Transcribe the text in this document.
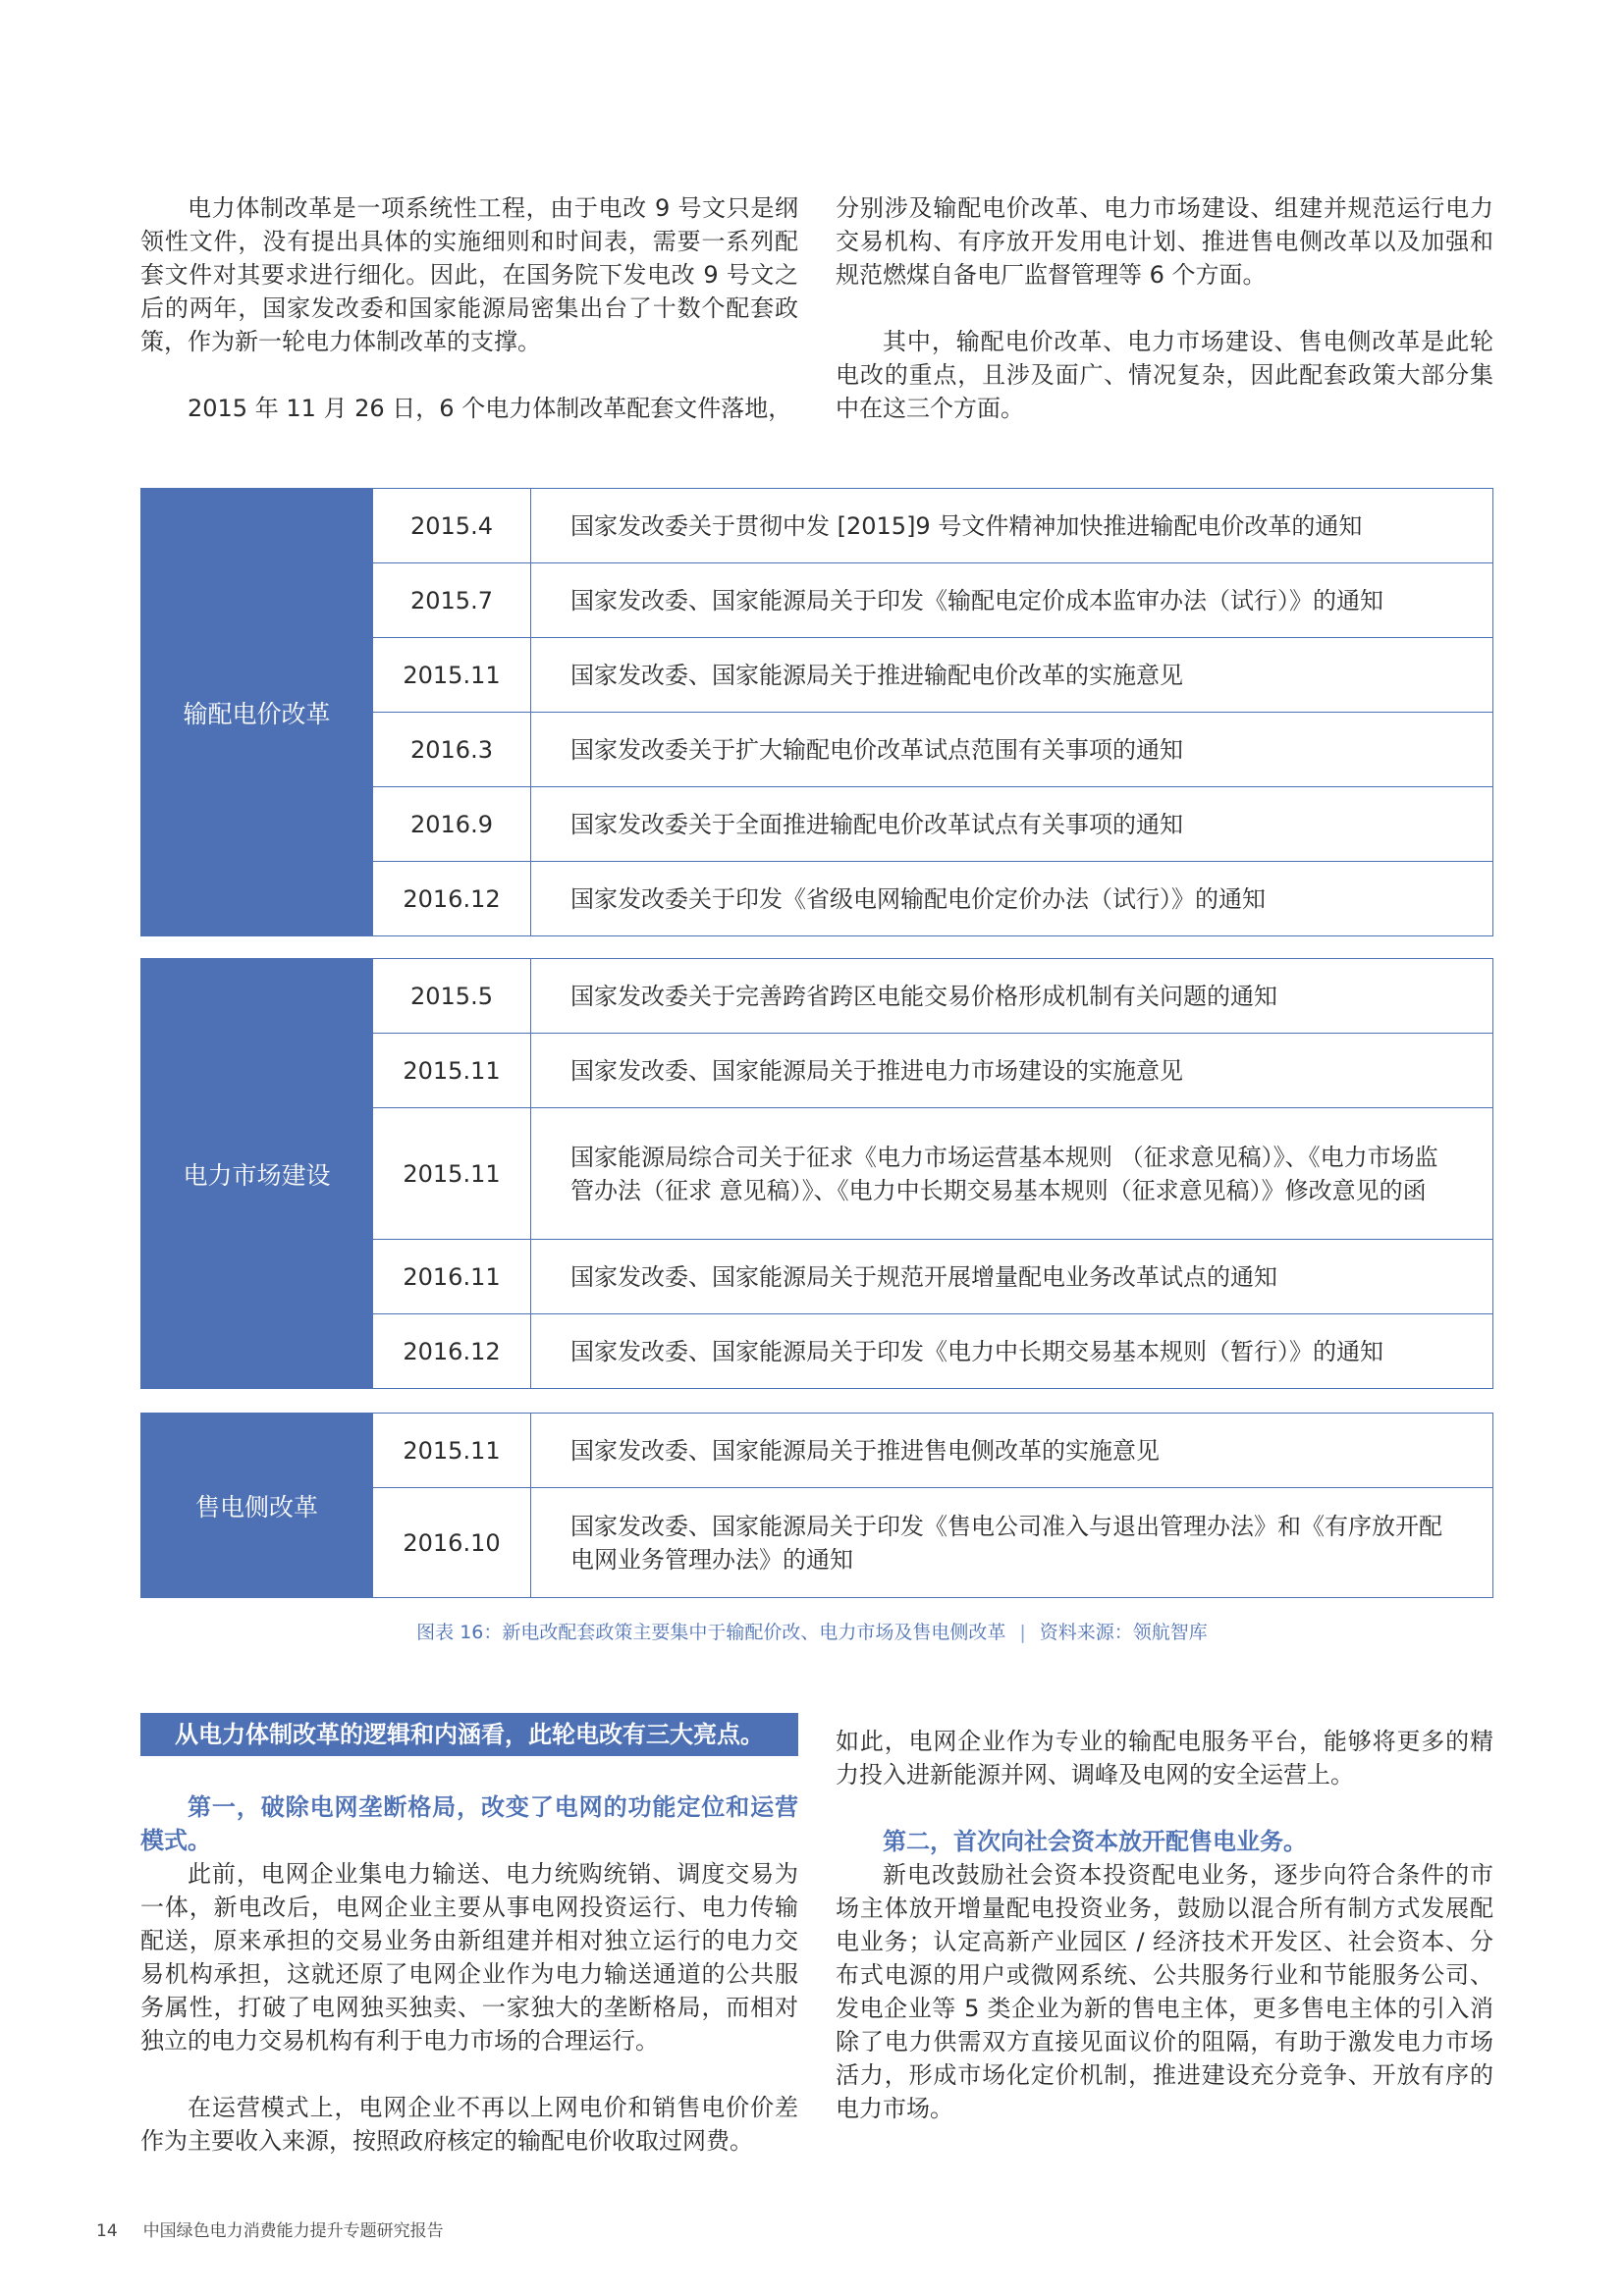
电力体制改革是一项系统性工程，由于电改 9 号文只是纲领性文件，没有提出具体的实施细则和时间表，需要一系列配套文件对其要求进行细化。因此，在国务院下发电改 9 号文之后的两年，国家发改委和国家能源局密集出台了十数个配套政策，作为新一轮电力体制改革的支撑。

2015 年 11 月 26 日，6 个电力体制改革配套文件落地，

分别涉及输配电价改革、电力市场建设、组建并规范运行电力交易机构、有序放开发用电计划、推进售电侧改革以及加强和规范燃煤自备电厂监督管理等 6 个方面。

其中，输配电价改革、电力市场建设、售电侧改革是此轮电改的重点，且涉及面广、情况复杂，因此配套政策大部分集中在这三个方面。

输配电价改革
2015.4	国家发改委关于贯彻中发 [2015]9 号文件精神加快推进输配电价改革的通知
2015.7	国家发改委、国家能源局关于印发《输配电定价成本监审办法（试行）》的通知
2015.11	国家发改委、国家能源局关于推进输配电价改革的实施意见
2016.3	国家发改委关于扩大输配电价改革试点范围有关事项的通知
2016.9	国家发改委关于全面推进输配电价改革试点有关事项的通知
2016.12	国家发改委关于印发《省级电网输配电价定价办法（试行）》的通知
电力市场建设
2015.5	国家发改委关于完善跨省跨区电能交易价格形成机制有关问题的通知
2015.11	国家发改委、国家能源局关于推进电力市场建设的实施意见
2015.11
国家能源局综合司关于征求《电力市场运营基本规则 （征求意见稿）》、《电力市场监管办法（征求 意见稿）》、《电力中长期交易基本规则（征求意见稿）》修改意见的函
2016.11	国家发改委、国家能源局关于规范开展增量配电业务改革试点的通知
2016.12	国家发改委、国家能源局关于印发《电力中长期交易基本规则（暂行）》的通知
售电侧改革
2015.11	国家发改委、国家能源局关于推进售电侧改革的实施意见
2016.10
国家发改委、国家能源局关于印发《售电公司准入与退出管理办法》和《有序放开配电网业务管理办法》的通知
图表 16：新电改配套政策主要集中于输配价改、电力市场及售电侧改革 | 资料来源：领航智库
从电力体制改革的逻辑和内涵看，此轮电改有三大亮点。

第一，破除电网垄断格局，改变了电网的功能定位和运营模式。

此前，电网企业集电力输送、电力统购统销、调度交易为一体，新电改后，电网企业主要从事电网投资运行、电力传输配送，原来承担的交易业务由新组建并相对独立运行的电力交易机构承担，这就还原了电网企业作为电力输送通道的公共服务属性，打破了电网独买独卖、一家独大的垄断格局，而相对独立的电力交易机构有利于电力市场的合理运行。

在运营模式上，电网企业不再以上网电价和销售电价价差作为主要收入来源，按照政府核定的输配电价收取过网费。

如此，电网企业作为专业的输配电服务平台，能够将更多的精力投入进新能源并网、调峰及电网的安全运营上。

第二，首次向社会资本放开配售电业务。

新电改鼓励社会资本投资配电业务，逐步向符合条件的市场主体放开增量配电投资业务，鼓励以混合所有制方式发展配电业务；认定高新产业园区 / 经济技术开发区、社会资本、分布式电源的用户或微网系统、公共服务行业和节能服务公司、发电企业等 5 类企业为新的售电主体，更多售电主体的引入消除了电力供需双方直接见面议价的阻隔，有助于激发电力市场活力，形成市场化定价机制，推进建设充分竞争、开放有序的电力市场。

14 中国绿色电力消费能力提升专题研究报告
